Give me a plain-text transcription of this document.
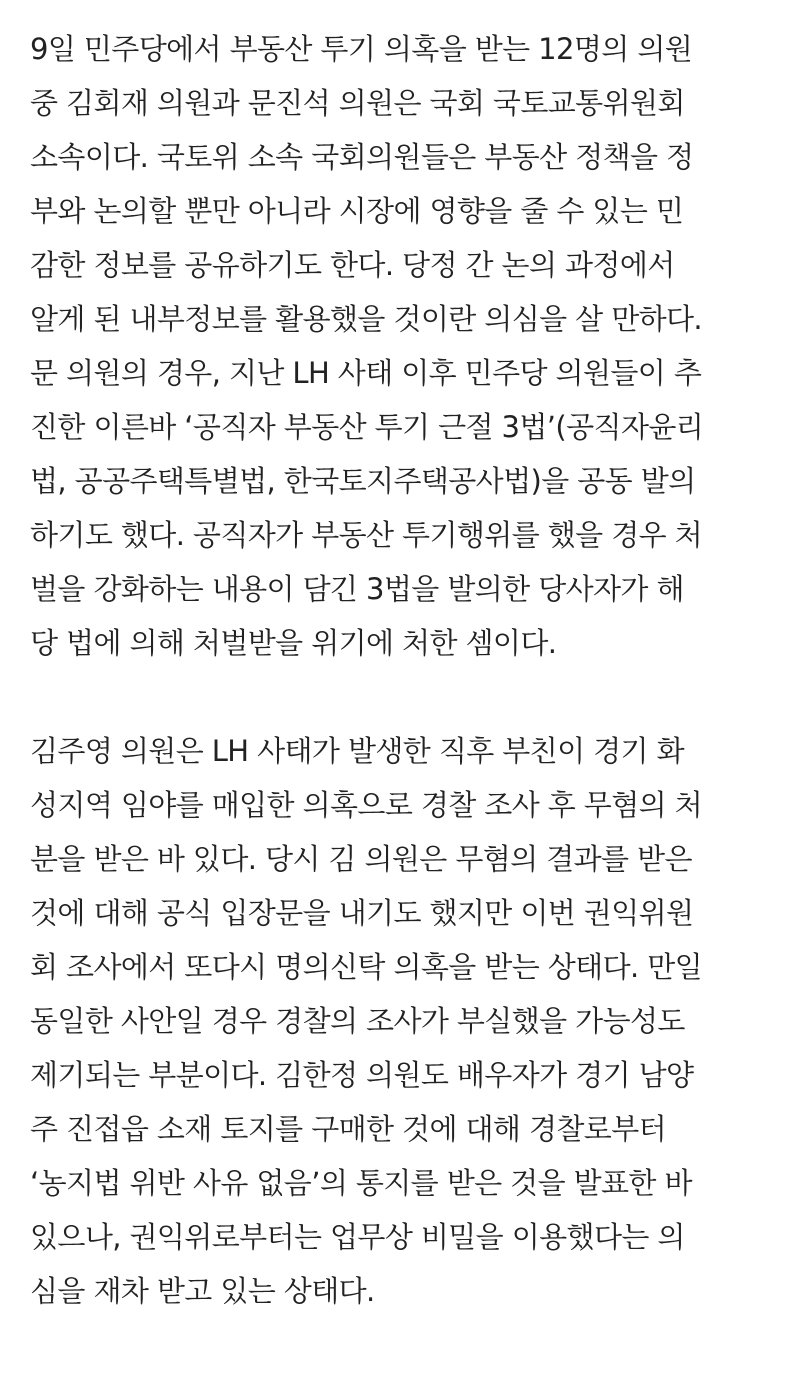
9일 민주당에서 부동산 투기 의혹을 받는 12명의 의원
중 김회재 의원과 문진석 의원은 국회 국토교통위원회
소속이다. 국토위 소속 국회의원들은 부동산 정책을 정
부와 논의할 뿐만 아니라 시장에 영향을 줄 수 있는 민
감한 정보를 공유하기도 한다. 당정 간 논의 과정에서
알게 된 내부정보를 활용했을 것이란 의심을 살 만하다.
문 의원의 경우, 지난 LH 사태 이후 민주당 의원들이 추
진한 이른바 ‘공직자 부동산 투기 근절 3법’(공직자윤리
법, 공공주택특별법, 한국토지주택공사법)을 공동 발의
하기도 했다. 공직자가 부동산 투기행위를 했을 경우 처
벌을 강화하는 내용이 담긴 3법을 발의한 당사자가 해
당 법에 의해 처벌받을 위기에 처한 셈이다.

김주영 의원은 LH 사태가 발생한 직후 부친이 경기 화
성지역 임야를 매입한 의혹으로 경찰 조사 후 무혐의 처
분을 받은 바 있다. 당시 김 의원은 무혐의 결과를 받은
것에 대해 공식 입장문을 내기도 했지만 이번 권익위원
회 조사에서 또다시 명의신탁 의혹을 받는 상태다. 만일
동일한 사안일 경우 경찰의 조사가 부실했을 가능성도
제기되는 부분이다. 김한정 의원도 배우자가 경기 남양
주 진접읍 소재 토지를 구매한 것에 대해 경찰로부터
‘농지법 위반 사유 없음’의 통지를 받은 것을 발표한 바
있으나, 권익위로부터는 업무상 비밀을 이용했다는 의
심을 재차 받고 있는 상태다.
